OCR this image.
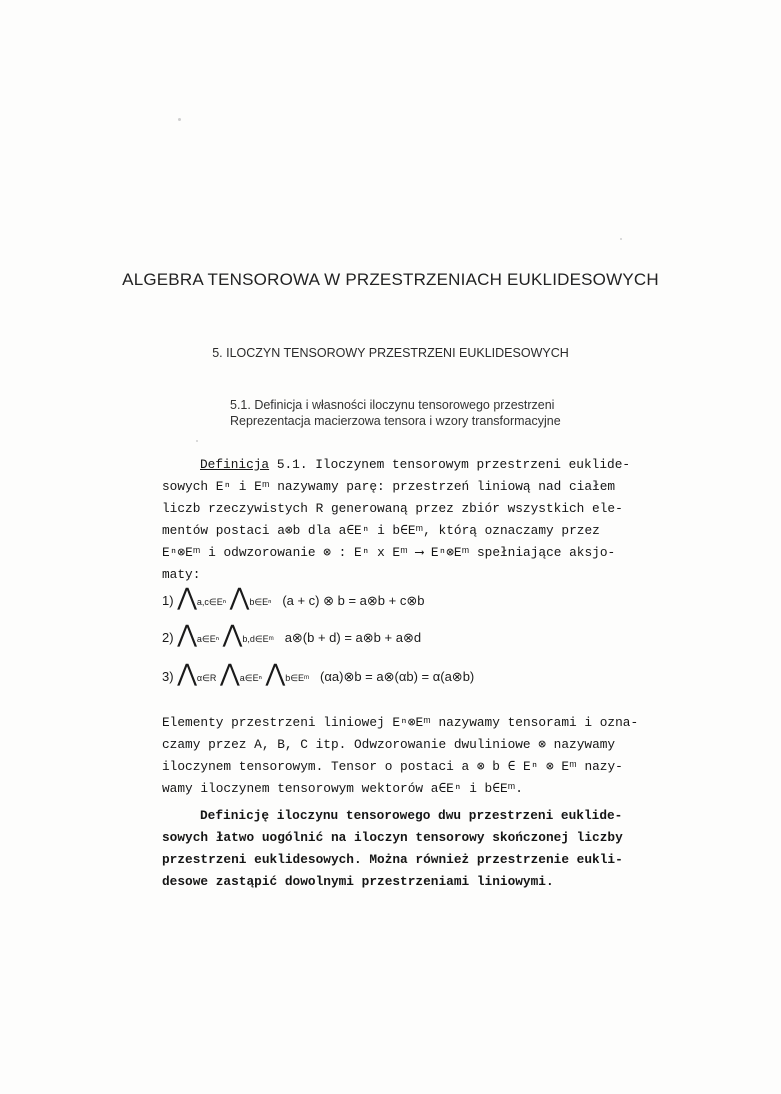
ALGEBRA TENSOROWA W PRZESTRZENIACH EUKLIDESOWYCH
5. ILOCZYN TENSOROWY PRZESTRZENI EUKLIDESOWYCH
5.1. Definicja i własności iloczynu tensorowego przestrzeni
Reprezentacja macierzowa tensora i wzory transformacyjne
Definicja 5.1. Iloczynem tensorowym przestrzeni euklide-
sowych Eⁿ i Eᵐ nazywamy parę: przestrzeń liniową nad ciałem
liczb rzeczywistych R generowaną przez zbiór wszystkich ele-
mentów postaci a⊗b dla a∈Eⁿ i b∈Eᵐ, którą oznaczamy przez
Eⁿ⊗Eᵐ i odwzorowanie ⊗ : Eⁿ x Eᵐ ⟶ Eⁿ⊗Eᵐ spełniające aksjo-
maty:
1) ⋀a,c∈Eⁿ ⋀b∈Eⁿ (a + c) ⊗ b = a⊗b + c⊗b
2) ⋀a∈Eⁿ ⋀b,d∈Eᵐ a⊗(b + d) = a⊗b + a⊗d
3) ⋀α∈R ⋀a∈Eⁿ ⋀b∈Eᵐ (αa)⊗b = a⊗(αb) = α(a⊗b)
Elementy przestrzeni liniowej Eⁿ⊗Eᵐ nazywamy tensorami i ozna-
czamy przez A, B, C itp. Odwzorowanie dwuliniowe ⊗ nazywamy
iloczynem tensorowym. Tensor o postaci a ⊗ b ∈ Eⁿ ⊗ Eᵐ nazy-
wamy iloczynem tensorowym wektorów a∈Eⁿ i b∈Eᵐ.
Definicję iloczynu tensorowego dwu przestrzeni euklide-
sowych łatwo uogólnić na iloczyn tensorowy skończonej liczby
przestrzeni euklidesowych. Można również przestrzenie eukli-
desowe zastąpić dowolnymi przestrzeniami liniowymi.
